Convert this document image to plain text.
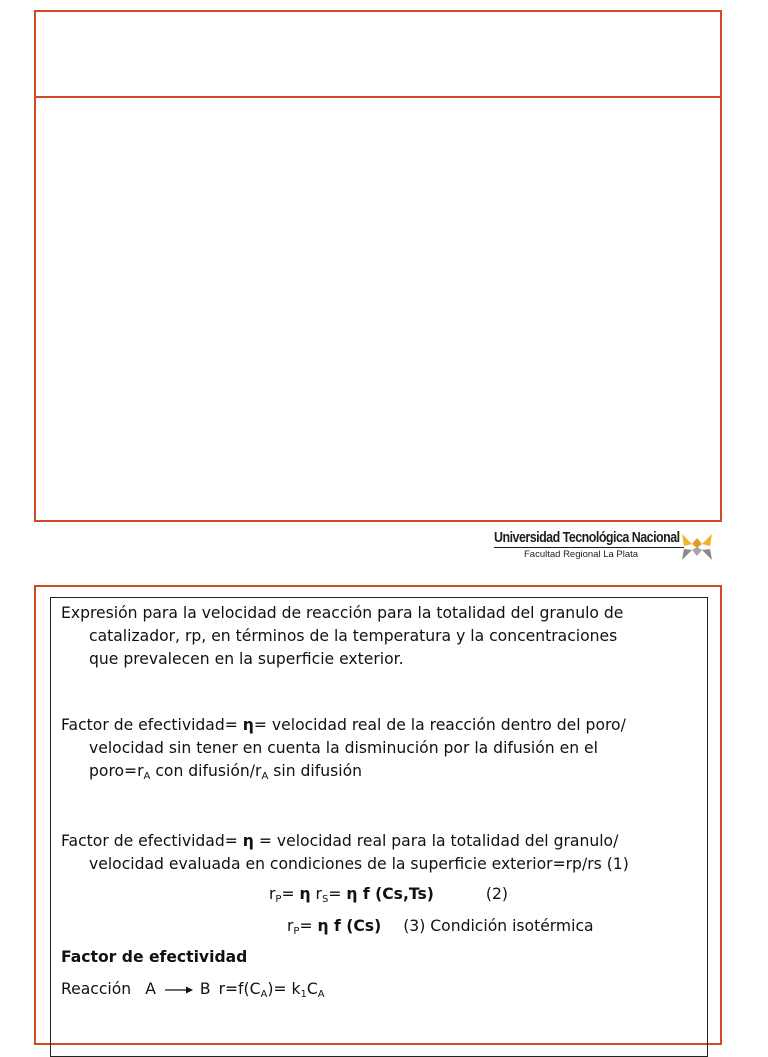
Universidad Tecnológica Nacional
Facultad Regional La Plata
Expresión para la velocidad de reacción para la totalidad del granulo de
catalizador, rp, en términos de la temperatura y la concentraciones
que prevalecen en la superficie exterior.
Factor de efectividad= η= velocidad real de la reacción dentro del poro/
velocidad sin tener en cuenta la disminución por la difusión en el
$poro=r_A$ con difusión/$r_A$ sin difusión
Factor de efectividad= η = velocidad real para la totalidad del granulo/
velocidad evaluada en condiciones de la superficie exterior=rp/rs (1)
$r_P= \eta$ $r_S= \eta$ f (Cs,Ts)	(2)
$r_P= \eta$ f (Cs) (3) Condición isotérmica
Factor de efectividad
Reacción A	B $r=f(C_A)= k_1C_A$
